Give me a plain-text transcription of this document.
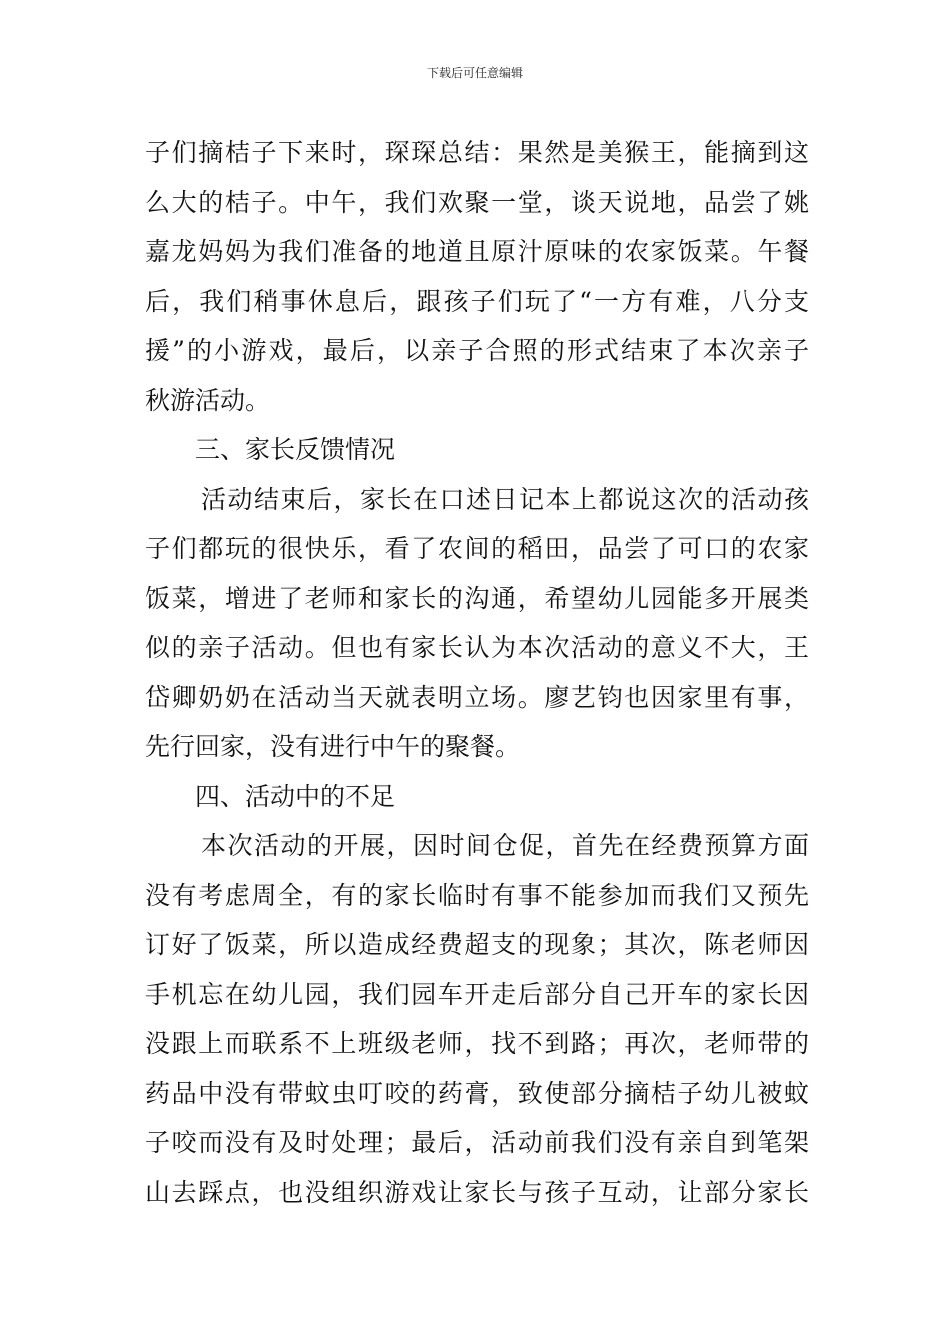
下载后可任意编辑
子们摘桔子下来时，琛琛总结：果然是美猴王，能摘到这
么大的桔子。中午，我们欢聚一堂，谈天说地，品尝了姚
嘉龙妈妈为我们准备的地道且原汁原味的农家饭菜。午餐
后，我们稍事休息后，跟孩子们玩了“一方有难，八分支
援”的小游戏，最后，以亲子合照的形式结束了本次亲子
秋游活动。
三、家长反馈情况
活动结束后，家长在口述日记本上都说这次的活动孩
子们都玩的很快乐，看了农间的稻田，品尝了可口的农家
饭菜，增进了老师和家长的沟通，希望幼儿园能多开展类
似的亲子活动。但也有家长认为本次活动的意义不大，王
岱卿奶奶在活动当天就表明立场。廖艺钧也因家里有事，
先行回家，没有进行中午的聚餐。
四、活动中的不足
本次活动的开展，因时间仓促，首先在经费预算方面
没有考虑周全，有的家长临时有事不能参加而我们又预先
订好了饭菜，所以造成经费超支的现象；其次，陈老师因
手机忘在幼儿园，我们园车开走后部分自己开车的家长因
没跟上而联系不上班级老师，找不到路；再次，老师带的
药品中没有带蚊虫叮咬的药膏，致使部分摘桔子幼儿被蚊
子咬而没有及时处理；最后，活动前我们没有亲自到笔架
山去踩点，也没组织游戏让家长与孩子互动，让部分家长
